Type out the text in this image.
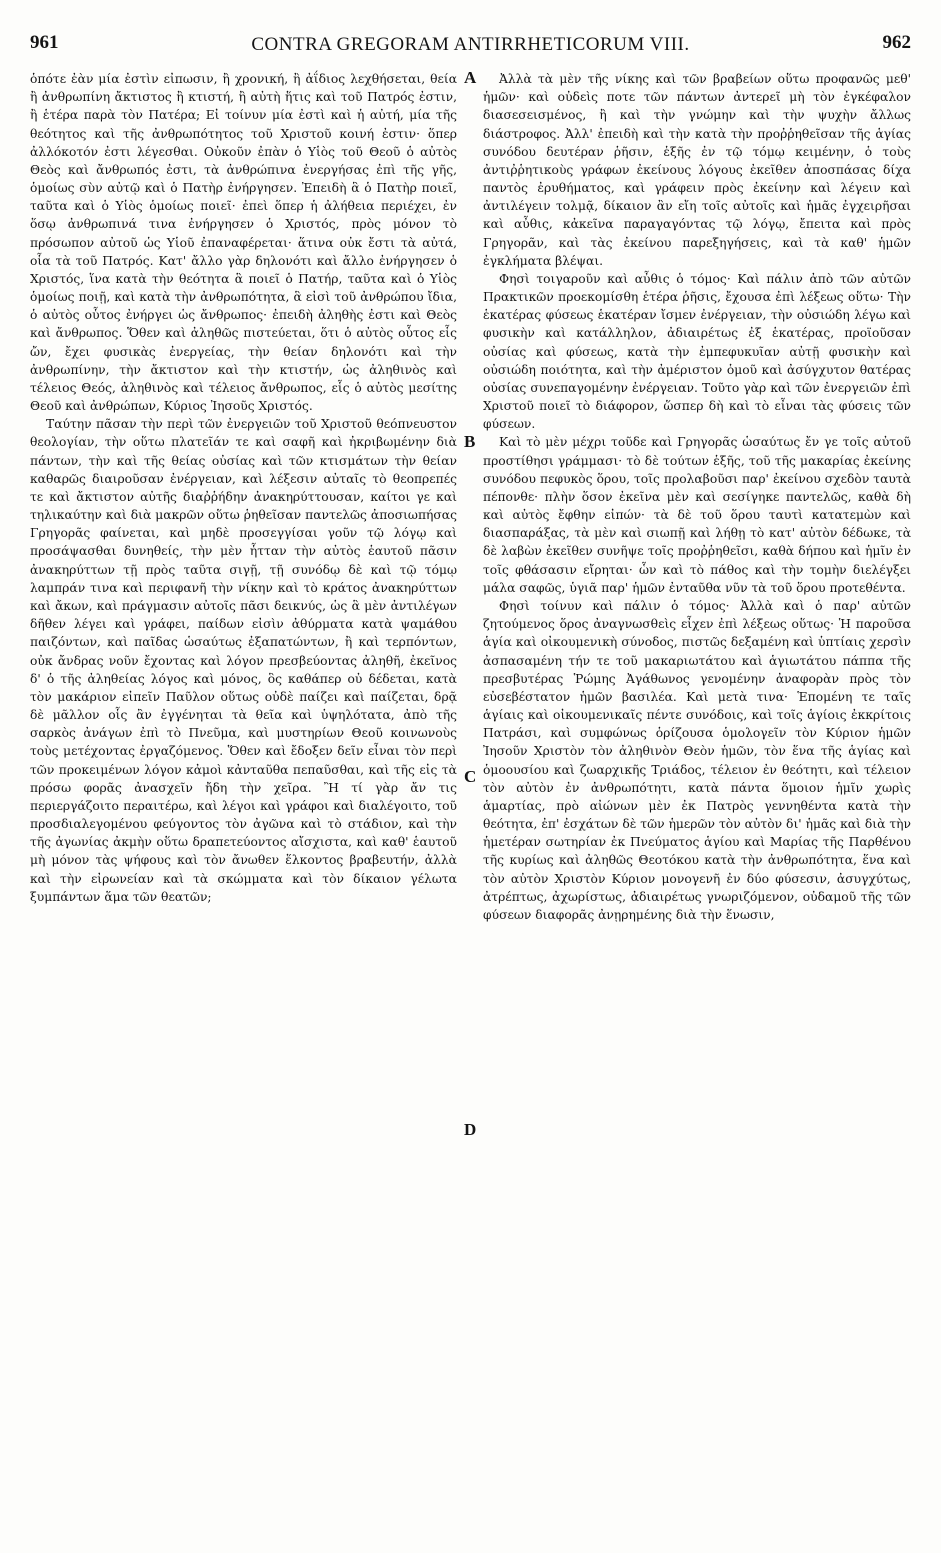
961	CONTRA GREGORAM ANTIRRHETICORUM VIII.	962

ὁπότε ἐὰν μία ἐστὶν εἰπωσιν, ἢ χρονική, ἢ ἀΐδιος λεχθήσεται, θεία ἢ ἀνθρωπίνη ἄκτιστος ἢ κτιστή, ἢ αὐτὴ ἥτις καὶ τοῦ Πατρός ἐστιν, ἢ ἑτέρα παρὰ τὸν Πατέρα; Εἰ τοίνυν μία ἐστὶ καὶ ἡ αὐτή, μία τῆς θεότητος καὶ τῆς ἀνθρωπότητος τοῦ Χριστοῦ κοινή ἐστιν· ὅπερ ἀλλόκοτόν ἐστι λέγεσθαι. Οὐκοῦν ἐπὰν ὁ Υἱὸς τοῦ Θεοῦ ὁ αὐτὸς Θεὸς καὶ ἄνθρωπός ἐστι, τὰ ἀνθρώπινα ἐνεργήσας ἐπὶ τῆς γῆς, ὁμοίως σὺν αὐτῷ καὶ ὁ Πατὴρ ἐνήργησεν. Ἐπειδὴ ἃ ὁ Πατὴρ ποιεῖ, ταῦτα καὶ ὁ Υἱὸς ὁμοίως ποιεῖ· ἐπεὶ ὅπερ ἡ ἀλήθεια περιέχει, ἐν ὅσῳ ἀνθρωπινά τινα ἐνήργησεν ὁ Χριστός, πρὸς μόνον τὸ πρόσωπον αὐτοῦ ὡς Υἱοῦ ἐπαναφέρεται· ἅτινα οὐκ ἔστι τὰ αὐτά, οἷα τὰ τοῦ Πατρός. Κατ' ἄλλο γὰρ δηλονότι καὶ ἄλλο ἐνήργησεν ὁ Χριστός, ἵνα κατὰ τὴν θεότητα ἃ ποιεῖ ὁ Πατήρ, ταῦτα καὶ ὁ Υἱὸς ὁμοίως ποιῇ, καὶ κατὰ τὴν ἀνθρωπότητα, ἃ εἰσὶ τοῦ ἀνθρώπου ἴδια, ὁ αὐτὸς οὗτος ἐνήργει ὡς ἄνθρωπος· ἐπειδὴ ἀληθὴς ἐστι καὶ Θεὸς καὶ ἄνθρωπος. Ὅθεν καὶ ἀληθῶς πιστεύεται, ὅτι ὁ αὐτὸς οὗτος εἷς ὤν, ἔχει φυσικὰς ἐνεργείας, τὴν θείαν δηλονότι καὶ τὴν ἀνθρωπίνην, τὴν ἄκτιστον καὶ τὴν κτιστήν, ὡς ἀληθινὸς καὶ τέλειος Θεός, ἀληθινὸς καὶ τέλειος ἄνθρωπος, εἷς ὁ αὐτὸς μεσίτης Θεοῦ καὶ ἀνθρώπων, Κύριος Ἰησοῦς Χριστός.

Ταύτην πᾶσαν τὴν περὶ τῶν ἐνεργειῶν τοῦ Χριστοῦ θεόπνευστον θεολογίαν, τὴν οὕτω πλατεῖάν τε καὶ σαφῆ καὶ ἠκριβωμένην διὰ πάντων, τὴν καὶ τῆς θείας οὐσίας καὶ τῶν κτισμάτων τὴν θείαν καθαρῶς διαιροῦσαν ἐνέργειαν, καὶ λέξεσιν αὐταῖς τὸ θεοπρεπές τε καὶ ἄκτιστον αὐτῆς διαῤῥήδην ἀνακηρύττουσαν, καίτοι γε καὶ τηλικαύτην καὶ διὰ μακρῶν οὕτω ῥηθεῖσαν παντελῶς ἀποσιωπήσας Γρηγορᾶς φαίνεται, καὶ μηδὲ προσεγγίσαι γοῦν τῷ λόγῳ καὶ προσάψασθαι δυνηθείς, τὴν μὲν ἧτταν τὴν αὐτὸς ἑαυτοῦ πᾶσιν ἀνακηρύττων τῇ πρὸς ταῦτα σιγῇ, τῇ συνόδῳ δὲ καὶ τῷ τόμῳ λαμπράν τινα καὶ περιφανῆ τὴν νίκην καὶ τὸ κράτος ἀνακηρύττων καὶ ἄκων, καὶ πράγμασιν αὐτοῖς πᾶσι δεικνύς, ὡς ἃ μὲν ἀντιλέγων δῆθεν λέγει καὶ γράφει, παίδων εἰσὶν ἀθύρματα κατὰ ψαμάθου παιζόντων, καὶ παῖδας ὡσαύτως ἐξαπατώντων, ἢ καὶ τερπόντων, οὐκ ἄνδρας νοῦν ἔχοντας καὶ λόγον πρεσβεύοντας ἀληθῆ, ἐκεῖνος δ' ὁ τῆς ἀληθείας λόγος καὶ μόνος, ὃς καθάπερ οὐ δέδεται, κατὰ τὸν μακάριον εἰπεῖν Παῦλον οὕτως οὐδὲ παίζει καὶ παίζεται, δρᾷ δὲ μᾶλλον οἷς ἂν ἐγγένηται τὰ θεῖα καὶ ὑψηλότατα, ἀπὸ τῆς σαρκὸς ἀνάγων ἐπὶ τὸ Πνεῦμα, καὶ μυστηρίων Θεοῦ κοινωνοὺς τοὺς μετέχοντας ἐργαζόμενος. Ὅθεν καὶ ἔδοξεν δεῖν εἶναι τὸν περὶ τῶν προκειμένων λόγον κἀμοὶ κἀνταῦθα πεπαῦσθαι, καὶ τῆς εἰς τὰ πρόσω φορᾶς ἀνασχεῖν ἤδη τὴν χεῖρα. Ἢ τί γὰρ ἄν τις περιεργάζοιτο περαιτέρω, καὶ λέγοι καὶ γράφοι καὶ διαλέγοιτο, τοῦ προσδιαλεγομένου φεύγοντος τὸν ἀγῶνα καὶ τὸ στάδιον, καὶ τὴν τῆς ἀγωνίας ἀκμὴν οὕτω δραπετεύοντος αἴσχιστα, καὶ καθ' ἑαυτοῦ μὴ μόνον τὰς ψήφους καὶ τὸν ἄνωθεν ἕλκοντος βραβευτήν, ἀλλὰ καὶ τὴν εἰρωνείαν καὶ τὰ σκώμματα καὶ τὸν δίκαιον γέλωτα ξυμπάντων ἅμα τῶν θεατῶν;

Ἀλλὰ τὰ μὲν τῆς νίκης καὶ τῶν βραβείων οὕτω προφανῶς μεθ' ἡμῶν· καὶ οὐδεὶς ποτε τῶν πάντων ἀντερεῖ μὴ τὸν ἐγκέφαλον διασεσεισμένος, ἢ καὶ τὴν γνώμην καὶ τὴν ψυχὴν ἄλλως διάστροφος. Ἀλλ' ἐπειδὴ καὶ τὴν κατὰ τὴν προῤῥηθεῖσαν τῆς ἁγίας συνόδου δευτέραν ῥῆσιν, ἑξῆς ἐν τῷ τόμῳ κειμένην, ὁ τοὺς ἀντιῤῥητικοὺς γράφων ἐκείνους λόγους ἐκεῖθεν ἀποσπάσας δίχα παντὸς ἐρυθήματος, καὶ γράφειν πρὸς ἐκείνην καὶ λέγειν καὶ ἀντιλέγειν τολμᾷ, δίκαιον ἂν εἴη τοῖς αὐτοῖς καὶ ἡμᾶς ἐγχειρῆσαι καὶ αὖθις, κἀκεῖνα παραγαγόντας τῷ λόγῳ, ἔπειτα καὶ πρὸς Γρηγορᾶν, καὶ τὰς ἐκείνου παρεξηγήσεις, καὶ τὰ καθ' ἡμῶν ἐγκλήματα βλέψαι.

Φησὶ τοιγαροῦν καὶ αὖθις ὁ τόμος· Καὶ πάλιν ἀπὸ τῶν αὐτῶν Πρακτικῶν προεκομίσθη ἑτέρα ῥῆσις, ἔχουσα ἐπὶ λέξεως οὕτω· Τὴν ἑκατέρας φύσεως ἑκατέραν ἴσμεν ἐνέργειαν, τὴν οὐσιώδη λέγω καὶ φυσικὴν καὶ κατάλληλον, ἀδιαιρέτως ἐξ ἑκατέρας, προϊοῦσαν οὐσίας καὶ φύσεως, κατὰ τὴν ἐμπεφυκυῖαν αὐτῇ φυσικὴν καὶ οὐσιώδη ποιότητα, καὶ τὴν ἀμέριστον ὁμοῦ καὶ ἀσύγχυτον θατέρας οὐσίας συνεπαγομένην ἐνέργειαν. Τοῦτο γὰρ καὶ τῶν ἐνεργειῶν ἐπὶ Χριστοῦ ποιεῖ τὸ διάφορον, ὥσπερ δὴ καὶ τὸ εἶναι τὰς φύσεις τῶν φύσεων.

Καὶ τὸ μὲν μέχρι τοῦδε καὶ Γρηγορᾶς ὡσαύτως ἔν γε τοῖς αὐτοῦ προστίθησι γράμμασι· τὸ δὲ τούτων ἑξῆς, τοῦ τῆς μακαρίας ἐκείνης συνόδου πεφυκὸς ὅρου, τοῖς προλαβοῦσι παρ' ἐκείνου σχεδὸν ταυτὰ πέπονθε· πλὴν ὅσον ἐκεῖνα μὲν καὶ σεσίγηκε παντελῶς, καθὰ δὴ καὶ αὐτὸς ἔφθην εἰπών· τὰ δὲ τοῦ ὅρου ταυτὶ κατατεμὼν καὶ διασπαράξας, τὰ μὲν καὶ σιωπῇ καὶ λήθῃ τὸ κατ' αὐτὸν δέδωκε, τὰ δὲ λαβὼν ἐκεῖθεν συνῆψε τοῖς προῤῥηθεῖσι, καθὰ δήπου καὶ ἡμῖν ἐν τοῖς φθάσασιν εἴρηται· ὧν καὶ τὸ πάθος καὶ τὴν τομὴν διελέγξει μάλα σαφῶς, ὑγιᾶ παρ' ἡμῶν ἐνταῦθα νῦν τὰ τοῦ ὅρου προτεθέντα.

Φησὶ τοίνυν καὶ πάλιν ὁ τόμος· Ἀλλὰ καὶ ὁ παρ' αὐτῶν ζητούμενος ὅρος ἀναγνωσθεὶς εἶχεν ἐπὶ λέξεως οὕτως· Ἡ παροῦσα ἁγία καὶ οἰκουμενικὴ σύνοδος, πιστῶς δεξαμένη καὶ ὑπτίαις χερσὶν ἀσπασαμένη τήν τε τοῦ μακαριωτάτου καὶ ἁγιωτάτου πάππα τῆς πρεσβυτέρας Ῥώμης Ἀγάθωνος γενομένην ἀναφορὰν πρὸς τὸν εὐσεβέστατον ἡμῶν βασιλέα. Καὶ μετὰ τινα· Ἑπομένη τε ταῖς ἁγίαις καὶ οἰκουμενικαῖς πέντε συνόδοις, καὶ τοῖς ἁγίοις ἐκκρίτοις Πατράσι, καὶ συμφώνως ὁρίζουσα ὁμολογεῖν τὸν Κύριον ἡμῶν Ἰησοῦν Χριστὸν τὸν ἀληθινὸν Θεὸν ἡμῶν, τὸν ἕνα τῆς ἁγίας καὶ ὁμοουσίου καὶ ζωαρχικῆς Τριάδος, τέλειον ἐν θεότητι, καὶ τέλειον τὸν αὐτὸν ἐν ἀνθρωπότητι, κατὰ πάντα ὅμοιον ἡμῖν χωρὶς ἁμαρτίας, πρὸ αἰώνων μὲν ἐκ Πατρὸς γεννηθέντα κατὰ τὴν θεότητα, ἐπ' ἐσχάτων δὲ τῶν ἡμερῶν τὸν αὐτὸν δι' ἡμᾶς καὶ διὰ τὴν ἡμετέραν σωτηρίαν ἐκ Πνεύματος ἁγίου καὶ Μαρίας τῆς Παρθένου τῆς κυρίως καὶ ἀληθῶς Θεοτόκου κατὰ τὴν ἀνθρωπότητα, ἕνα καὶ τὸν αὐτὸν Χριστὸν Κύριον μονογενῆ ἐν δύο φύσεσιν, ἀσυγχύτως, ἀτρέπτως, ἀχωρίστως, ἀδιαιρέτως γνωριζόμενον, οὐδαμοῦ τῆς τῶν φύσεων διαφορᾶς ἀνῃρημένης διὰ τὴν ἕνωσιν,

A
B
C
D
